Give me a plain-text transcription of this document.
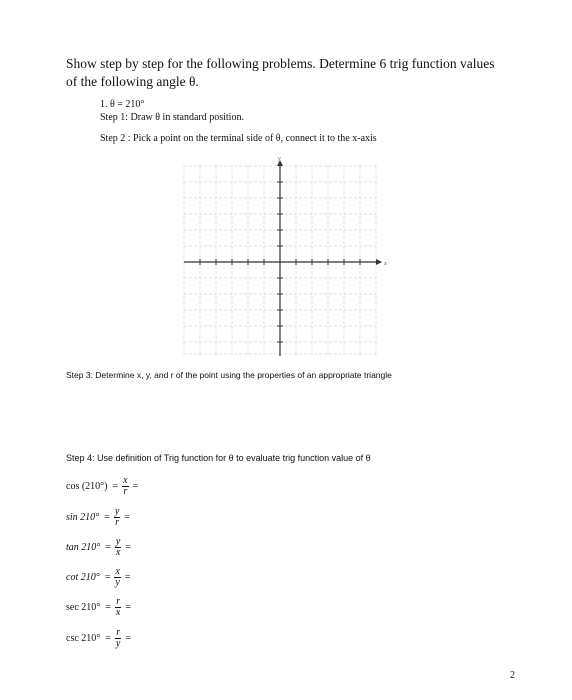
Show step by step for the following problems. Determine 6 trig function values of the following angle θ.
1. θ = 210°
Step 1: Draw θ in standard position.
Step 2 : Pick a point on the terminal side of θ, connect it to the x-axis
x
y
Step 3: Determine x, y, and r of the point using the properties of an appropriate triangle
Step 4: Use definition of Trig function for θ to evaluate trig function value of θ
$\cos (210^\circ) = \frac{x}{r}$ =
$\sin 210^\circ = \frac{y}{r}$ =
$\tan 210^\circ = \frac{y}{x}$ =
$\cot 210^\circ = \frac{x}{y}$ =
$\sec 210^\circ = \frac{r}{x}$ =
$\csc 210^\circ = \frac{r}{y}$ =
2
